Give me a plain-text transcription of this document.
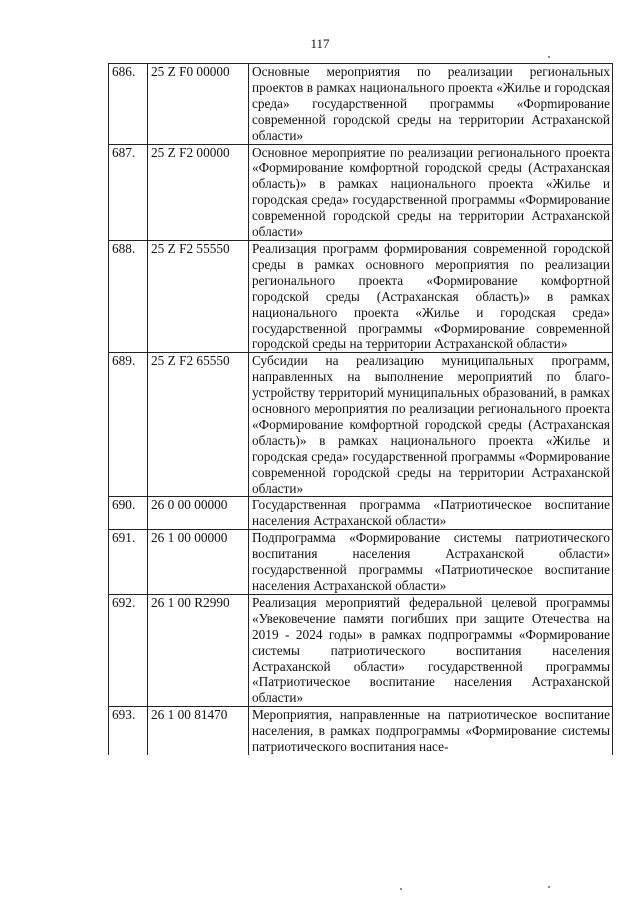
117
686.	25 Z F0 00000	Основные мероприятия по реализации региональных проектов в рамках национального проекта «Жилье и городская среда» государственной программы «Форmирование современной городской среды на территории Астраханской области»
687.	25 Z F2 00000	Основное мероприятие по реализации регионального проекта «Формирование комфортной городской среды (Астраханская область)» в рамках национального проекта «Жилье и городская среда» государственной программы «Формирование современной городской среды на территории Астраханской области»
688.	25 Z F2 55550	Реализация программ формирования современной городской среды в рамках основного мероприятия по реализации регионального проекта «Формирование комфортной городской среды (Астраханская область)» в рамках национального проекта «Жилье и городская среда» государственной программы «Формирование современной городской среды на территории Астраханской области»
689.	25 Z F2 65550	Субсидии на реализацию муниципальных программ, направленных на выполнение мероприятий по благоустройству территорий муниципальных образований, в рамках основного мероприятия по реализации регионального проекта «Формирование комфортной городской среды (Астраханская область)» в рамках национального проекта «Жилье и городская среда» государственной программы «Формирование современной городской среды на территории Астраханской области»
690.	26 0 00 00000	Государственная программа «Патриотическое воспитание населения Астраханской области»
691.	26 1 00 00000	Подпрограмма «Формирование системы патриотического воспитания населения Астраханской области» государственной программы «Патриотическое воспитание населения Астраханской области»
692.	26 1 00 R2990	Реализация мероприятий федеральной целевой программы «Увековечение памяти погибших при защите Отечества на 2019 - 2024 годы» в рамках подпрограммы «Формирование системы патриотического воспитания населения Астраханской области» государственной программы «Патриотическое воспитание населения Астраханской области»
693.	26 1 00 81470	Мероприятия, направленные на патриотическое воспитание населения, в рамках подпрограммы «Формирование системы патриотического воспитания насе-
